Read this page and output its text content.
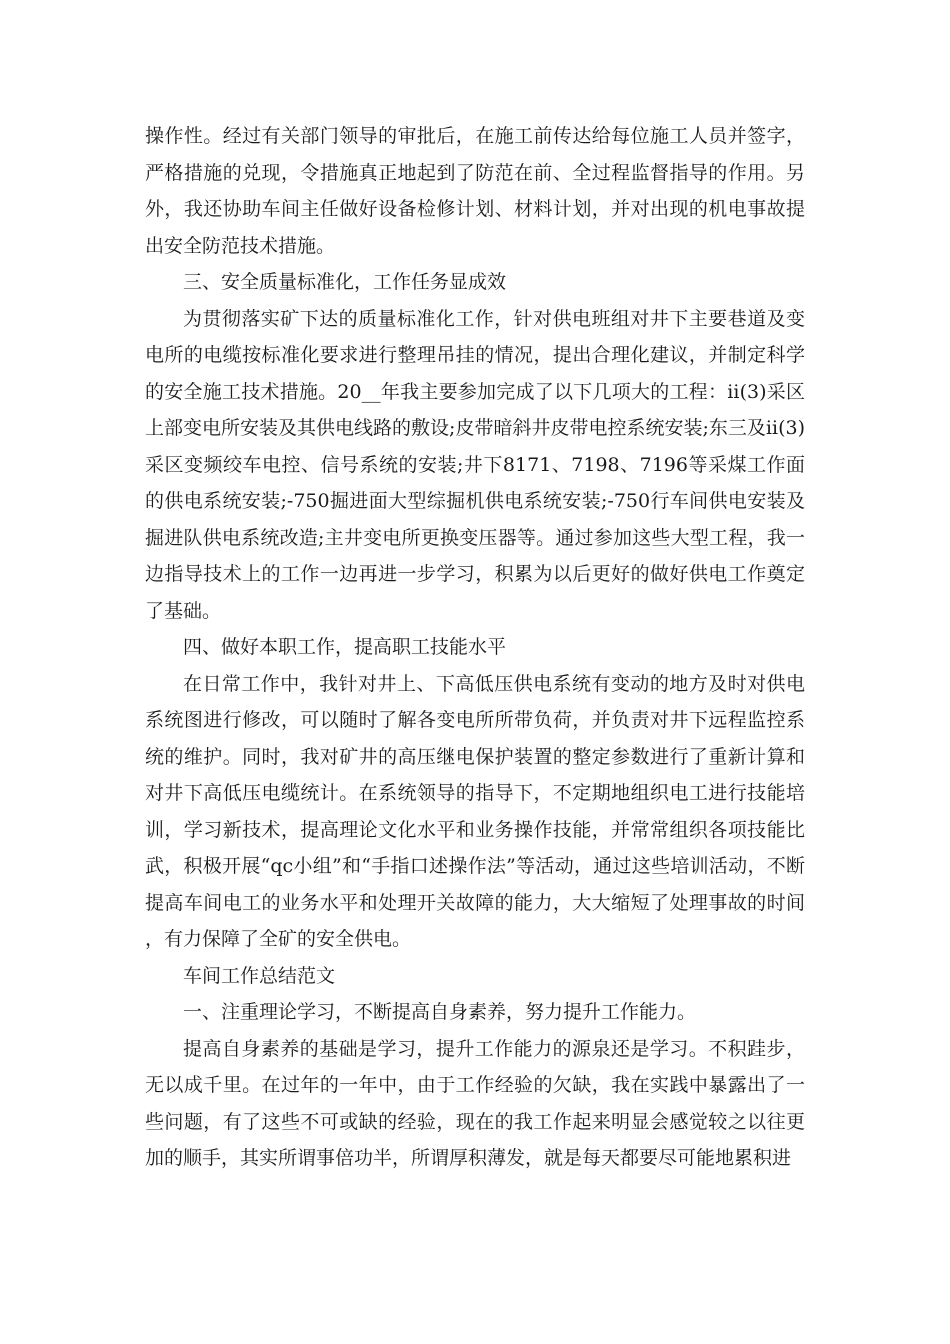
操作性。经过有关部门领导的审批后，在施工前传达给每位施工人员并签字，严格措施的兑现，令措施真正地起到了防范在前、全过程监督指导的作用。另外，我还协助车间主任做好设备检修计划、材料计划，并对出现的机电事故提出安全防范技术措施。

三、安全质量标准化，工作任务显成效

为贯彻落实矿下达的质量标准化工作，针对供电班组对井下主要巷道及变电所的电缆按标准化要求进行整理吊挂的情况，提出合理化建议，并制定科学的安全施工技术措施。20__年我主要参加完成了以下几项大的工程：ⅱ(3)采区上部变电所安装及其供电线路的敷设;皮带暗斜井皮带电控系统安装;东三及ⅱ(3)采区变频绞车电控、信号系统的安装;井下8171、7198、7196等采煤工作面的供电系统安装;-750掘进面大型综掘机供电系统安装;-750行车间供电安装及掘进队供电系统改造;主井变电所更换变压器等。通过参加这些大型工程，我一边指导技术上的工作一边再进一步学习，积累为以后更好的做好供电工作奠定了基础。

四、做好本职工作，提高职工技能水平

在日常工作中，我针对井上、下高低压供电系统有变动的地方及时对供电系统图进行修改，可以随时了解各变电所所带负荷，并负责对井下远程监控系统的维护。同时，我对矿井的高压继电保护装置的整定参数进行了重新计算和对井下高低压电缆统计。在系统领导的指导下，不定期地组织电工进行技能培训，学习新技术，提高理论文化水平和业务操作技能，并常常组织各项技能比武，积极开展“qc小组”和“手指口述操作法”等活动，通过这些培训活动，不断提高车间电工的业务水平和处理开关故障的能力，大大缩短了处理事故的时间，有力保障了全矿的安全供电。

车间工作总结范文

一、注重理论学习，不断提高自身素养，努力提升工作能力。

提高自身素养的基础是学习，提升工作能力的源泉还是学习。不积跬步，无以成千里。在过年的一年中，由于工作经验的欠缺，我在实践中暴露出了一些问题，有了这些不可或缺的经验，现在的我工作起来明显会感觉较之以往更加的顺手，其实所谓事倍功半，所谓厚积薄发，就是每天都要尽可能地累积进
